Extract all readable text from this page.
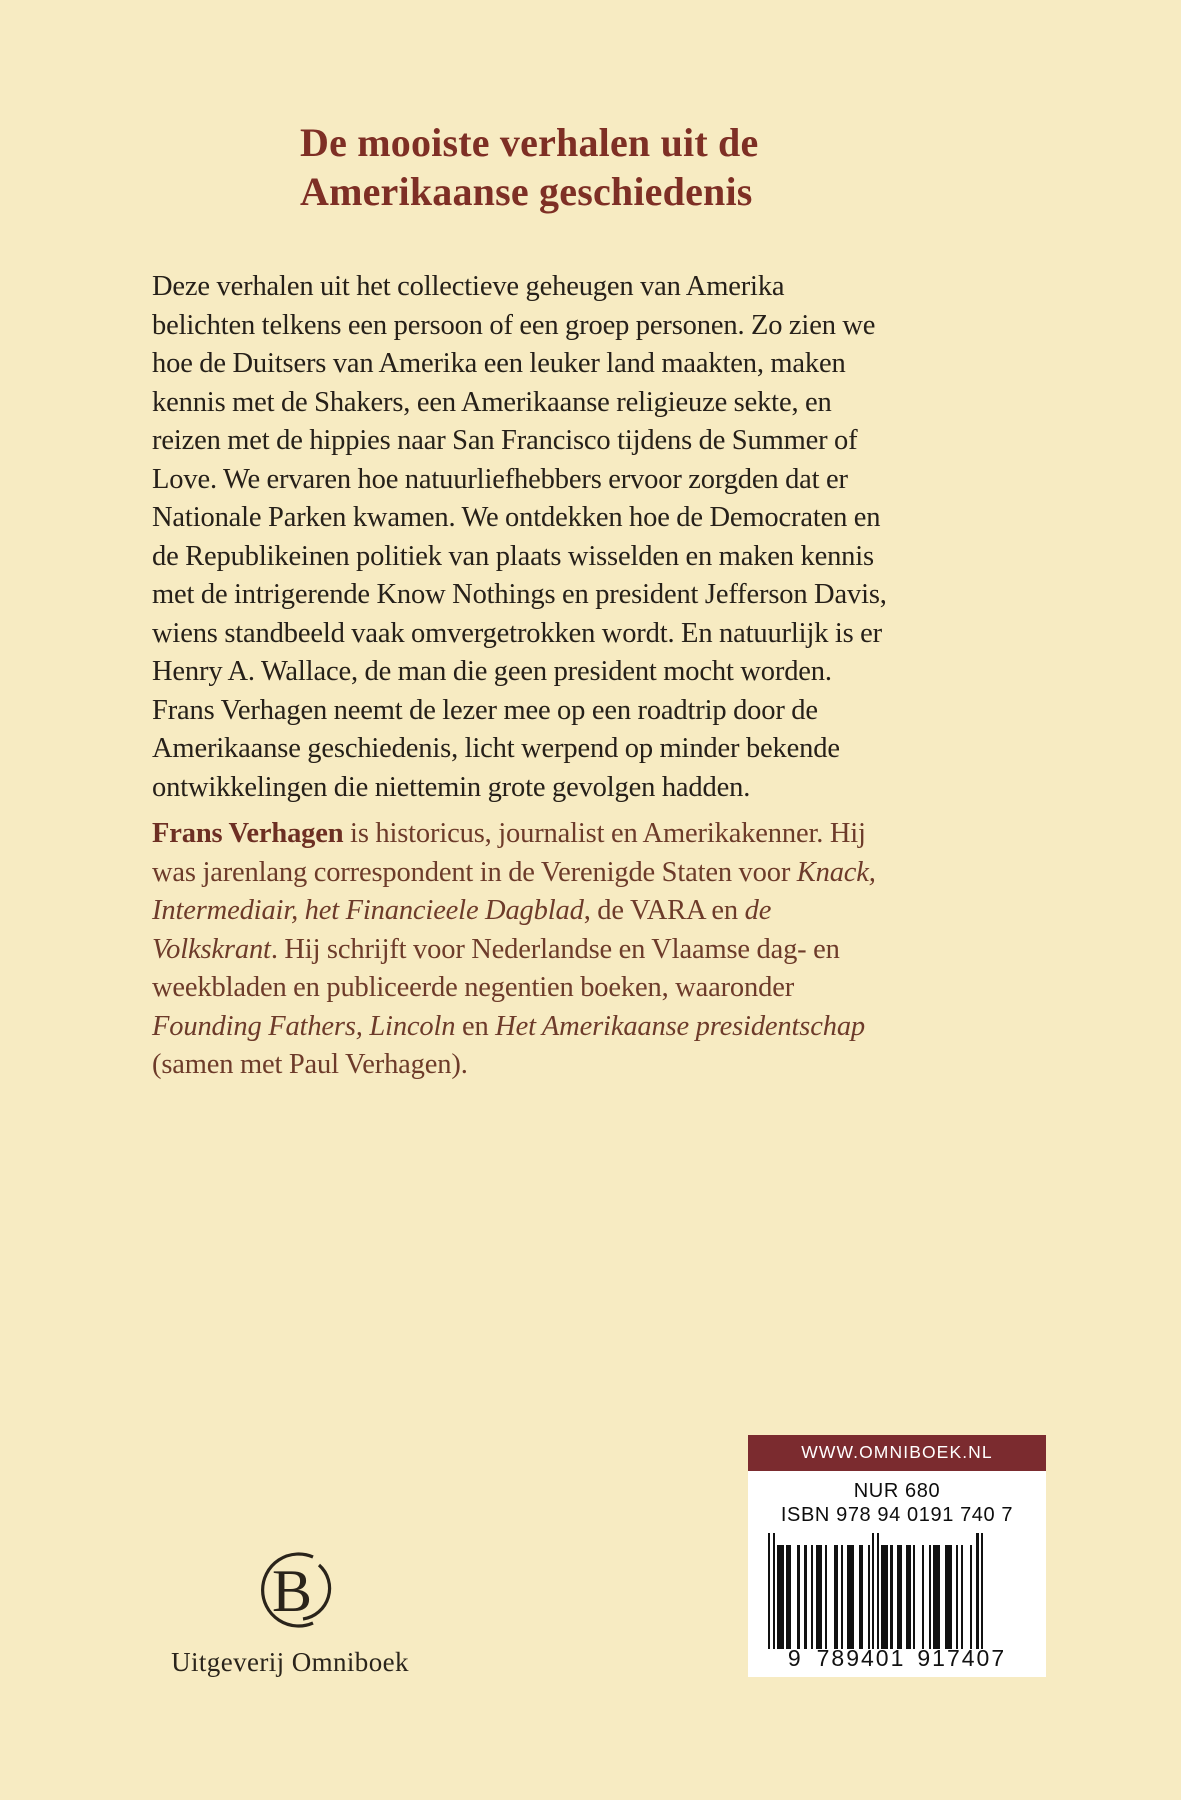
De mooiste verhalen uit de
Amerikaanse geschiedenis

Deze verhalen uit het collectieve geheugen van Amerika belichten telkens een persoon of een groep personen. Zo zien we hoe de Duitsers van Amerika een leuker land maakten, maken kennis met de Shakers, een Amerikaanse religieuze sekte, en reizen met de hippies naar San Francisco tijdens de Summer of Love. We ervaren hoe natuurliefhebbers ervoor zorgden dat er Nationale Parken kwamen. We ontdekken hoe de Democraten en de Republikeinen politiek van plaats wisselden en maken kennis met de intrigerende Know Nothings en president Jefferson Davis, wiens standbeeld vaak omvergetrokken wordt. En natuurlijk is er Henry A. Wallace, de man die geen president mocht worden.

Frans Verhagen neemt de lezer mee op een roadtrip door de Amerikaanse geschiedenis, licht werpend op minder bekende ontwikkelingen die niettemin grote gevolgen hadden.

Frans Verhagen is historicus, journalist en Amerikakenner. Hij was jarenlang correspondent in de Verenigde Staten voor Knack, Intermediair, het Financieele Dagblad, de VARA en de Volkskrant. Hij schrijft voor Nederlandse en Vlaamse dag- en weekbladen en publiceerde negentien boeken, waaronder Founding Fathers, Lincoln en Het Amerikaanse presidentschap (samen met Paul Verhagen).

B
Uitgeverij Omniboek
WWW.OMNIBOEK.NL
NUR 680
ISBN 978 94 0191 740 7
9 789401 917407
